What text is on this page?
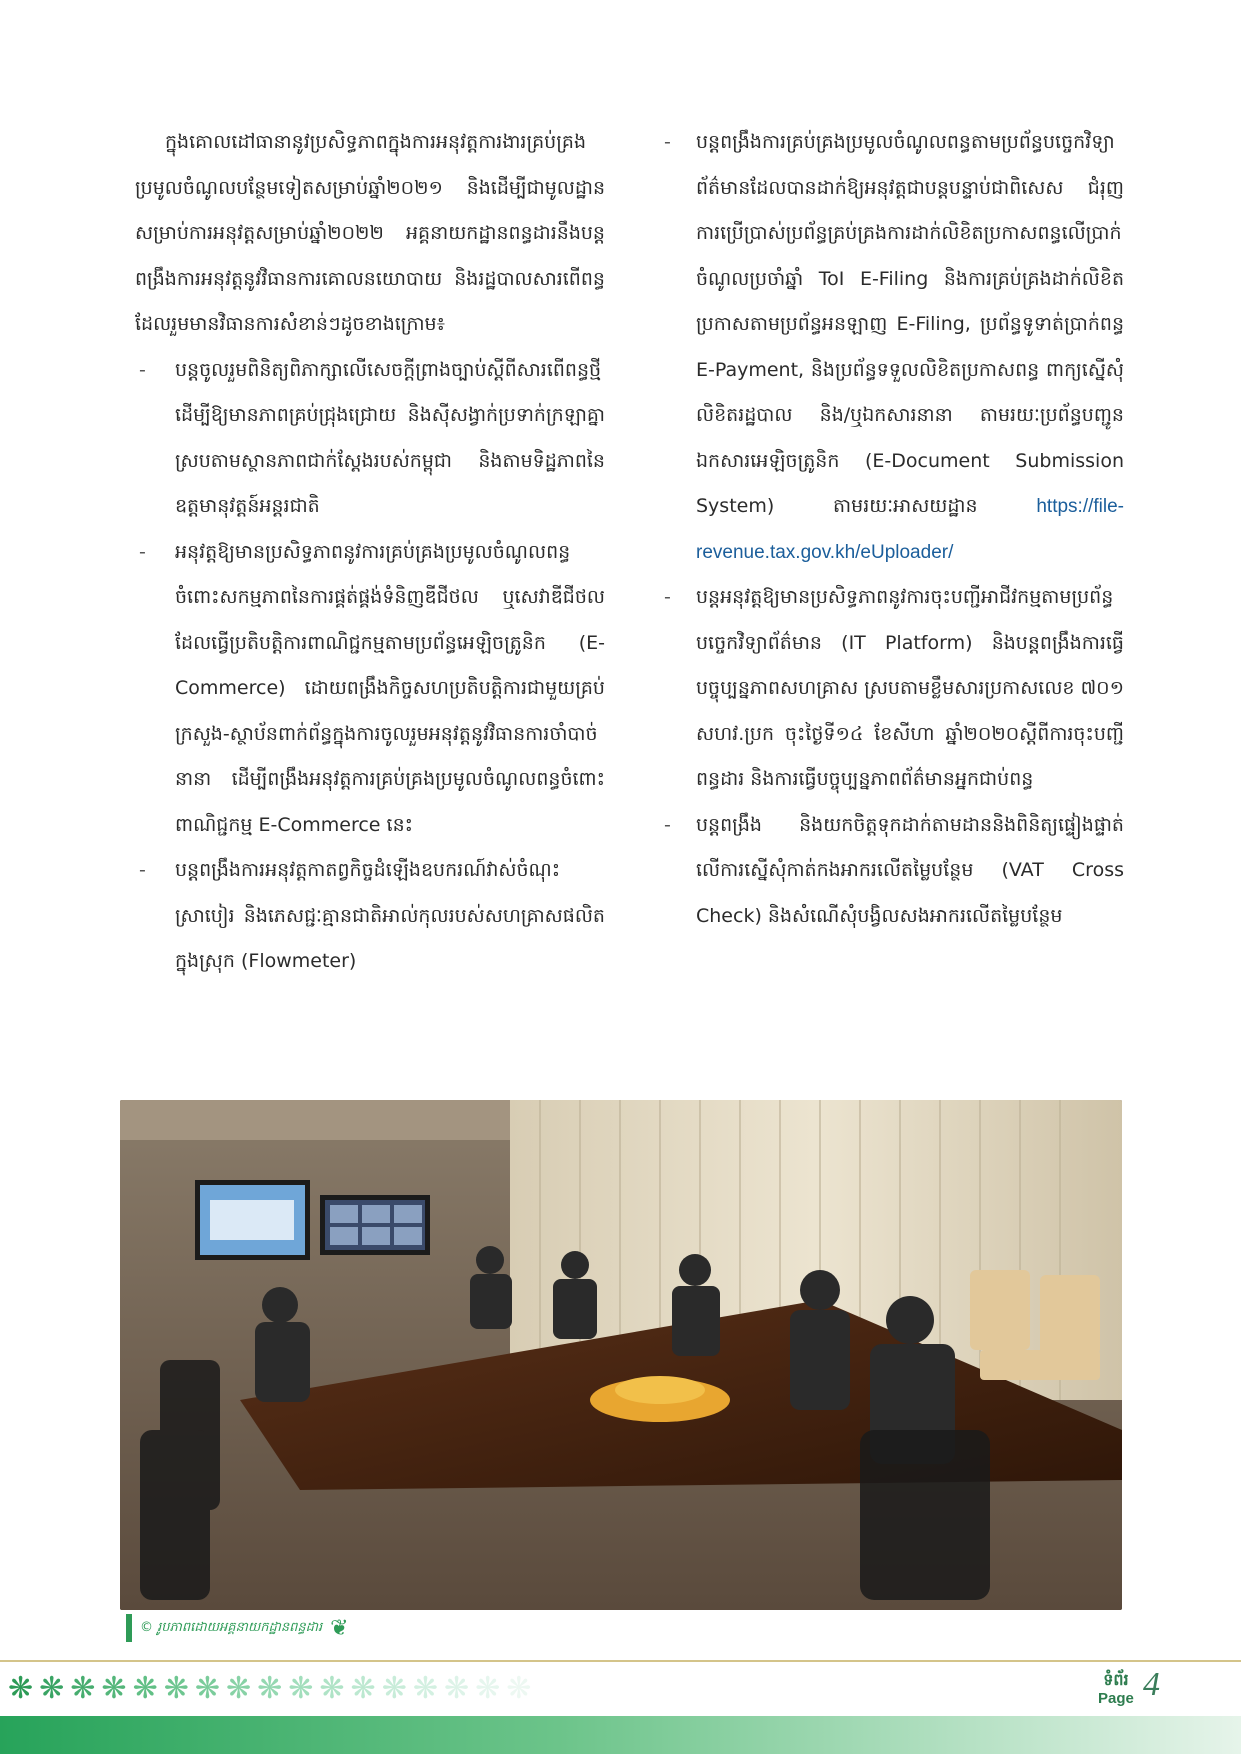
ក្នុងគោលដៅធានានូវប្រសិទ្ធភាពក្នុងការអនុវត្តការងារគ្រប់គ្រងប្រមូលចំណូលបន្ថែមទៀតសម្រាប់ឆ្នាំ២០២១ និងដើម្បីជាមូលដ្ឋានសម្រាប់ការអនុវត្តសម្រាប់ឆ្នាំ២០២២ អគ្គនាយកដ្ឋានពន្ធដារនឹងបន្តពង្រឹងការអនុវត្តនូវវិធានការគោលនយោបាយ និងរដ្ឋបាលសារពើពន្ធ ដែលរួមមានវិធានការសំខាន់ៗដូចខាងក្រោម៖

- បន្តចូលរួមពិនិត្យពិភាក្សាលើសេចក្តីព្រាងច្បាប់ស្តីពីសារពើពន្ធថ្មី ដើម្បីឱ្យមានភាពគ្រប់ជ្រុងជ្រោយ និងស៊ីសង្វាក់ប្រទាក់ក្រឡាគ្នា ស្របតាមស្ថានភាពជាក់ស្តែងរបស់កម្ពុជា និងតាមទិដ្ឋភាពនៃឧត្តមានុវត្តន៍អន្តរជាតិ
- អនុវត្តឱ្យមានប្រសិទ្ធភាពនូវការគ្រប់គ្រងប្រមូលចំណូលពន្ធចំពោះសកម្មភាពនៃការផ្គត់ផ្គង់ទំនិញឌីជីថល ឬសេវាឌីជីថល ដែលធ្វើប្រតិបត្តិការពាណិជ្ជកម្មតាមប្រព័ន្ធអេឡិចត្រូនិក (E-Commerce) ដោយពង្រឹងកិច្ចសហប្រតិបត្តិការជាមួយគ្រប់ក្រសួង-ស្ថាប័នពាក់ព័ន្ធក្នុងការចូលរួមអនុវត្តនូវវិធានការចាំបាច់នានា ដើម្បីពង្រឹងអនុវត្តការគ្រប់គ្រងប្រមូលចំណូលពន្ធចំពោះពាណិជ្ជកម្ម E-Commerce នេះ
- បន្តពង្រឹងការអនុវត្តកាតព្វកិច្ចដំឡើងឧបករណ៍វាស់ចំណុះស្រាបៀរ និងភេសជ្ជៈគ្មានជាតិអាល់កុលរបស់សហគ្រាសផលិតក្នុងស្រុក (Flowmeter)
- បន្តពង្រឹងការគ្រប់គ្រងប្រមូលចំណូលពន្ធតាមប្រព័ន្ធបច្ចេកវិទ្យាព័ត៌មានដែលបានដាក់ឱ្យអនុវត្តជាបន្តបន្ទាប់ជាពិសេស ជំរុញការប្រើប្រាស់ប្រព័ន្ធគ្រប់គ្រងការដាក់លិខិតប្រកាសពន្ធលើប្រាក់ចំណូលប្រចាំឆ្នាំ ToI E-Filing និងការគ្រប់គ្រងដាក់លិខិតប្រកាសតាមប្រព័ន្ធអនឡាញ E-Filing, ប្រព័ន្ធទូទាត់ប្រាក់ពន្ធ E-Payment, និងប្រព័ន្ធទទួលលិខិតប្រកាសពន្ធ ពាក្យស្នើសុំ លិខិតរដ្ឋបាល និង/ឬឯកសារនានា តាមរយៈប្រព័ន្ធបញ្ជូនឯកសារអេឡិចត្រូនិក (E-Document Submission System) តាមរយៈអាសយដ្ឋាន	https://file-revenue.tax.gov.kh/eUploader/
- បន្តអនុវត្តឱ្យមានប្រសិទ្ធភាពនូវការចុះបញ្ជីអាជីវកម្មតាមប្រព័ន្ធបច្ចេកវិទ្យាព័ត៌មាន (IT Platform) និងបន្តពង្រឹងការធ្វើបច្ចុប្បន្នភាពសហគ្រាស ស្របតាមខ្លឹមសារប្រកាសលេខ ៧០១ សហវ.ប្រក ចុះថ្ងៃទី១៤ ខែសីហា ឆ្នាំ២០២០ស្តីពីការចុះបញ្ជីពន្ធដារ និងការធ្វើបច្ចុប្បន្នភាពព័ត៌មានអ្នកជាប់ពន្ធ
- បន្តពង្រឹង និងយកចិត្តទុកដាក់តាមដាននិងពិនិត្យផ្ទៀងផ្ទាត់លើការស្នើសុំកាត់កងអាករលើតម្លៃបន្ថែម (VAT Cross Check) និងសំណើសុំបង្វិលសងអាករលើតម្លៃបន្ថែម
© រូបភាពដោយអគ្គនាយកដ្ឋានពន្ធដារ ❦
❋ ❋ ❋ ❋ ❋ ❋ ❋ ❋ ❋ ❋ ❋ ❋ ❋ ❋ ❋ ❋ ❋	ទំព័រ
Page 4
